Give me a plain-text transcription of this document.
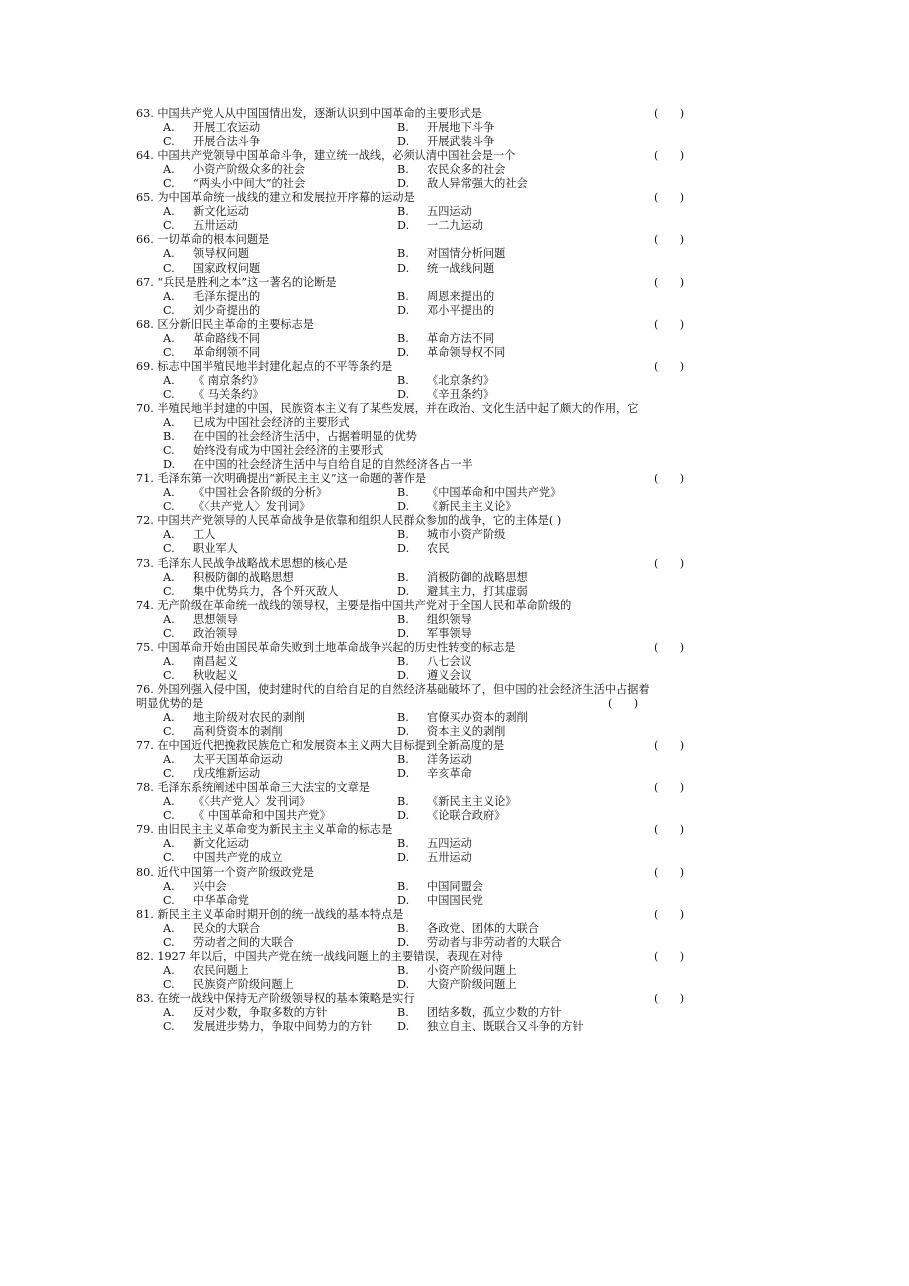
63. 中国共产党人从中国国情出发，逐渐认识到中国革命的主要形式是	(      )
A. 开展工农运动	B. 开展地下斗争
C. 开展合法斗争	D. 开展武装斗争
64. 中国共产党领导中国革命斗争，建立统一战线，必须认清中国社会是一个	(      )
A. 小资产阶级众多的社会	B. 农民众多的社会
C. “两头小中间大”的社会	D. 敌人异常强大的社会
65. 为中国革命统一战线的建立和发展拉开序幕的运动是	(      )
A. 新文化运动	B. 五四运动
C. 五卅运动	D. 一二九运动
66. 一切革命的根本问题是	(      )
A. 领导权问题	B. 对国情分析问题
C. 国家政权问题	D. 统一战线问题
67. “兵民是胜利之本”这一著名的论断是	(      )
A. 毛泽东提出的	B. 周恩来提出的
C. 刘少奇提出的	D. 邓小平提出的
68. 区分新旧民主革命的主要标志是	(      )
A. 革命路线不同	B. 革命方法不同
C. 革命纲领不同	D. 革命领导权不同
69. 标志中国半殖民地半封建化起点的不平等条约是	(      )
A. 《 南京条约》	B. 《北京条约》
C. 《 马关条约》	D. 《辛丑条约》
70. 半殖民地半封建的中国，民族资本主义有了某些发展，并在政治、文化生活中起了颇大的作用，它
A. 已成为中国社会经济的主要形式
B. 在中国的社会经济生活中，占据着明显的优势
C. 始终没有成为中国社会经济的主要形式
D. 在中国的社会经济生活中与自给自足的自然经济各占一半
71. 毛泽东第一次明确提出“新民主主义”这一命题的著作是	(      )
A. 《中国社会各阶级的分析》	B. 《中国革命和中国共产党》
C. 《〈共产党人〉发刊词》	D. 《新民主主义论》
72. 中国共产党领导的人民革命战争是依靠和组织人民群众参加的战争，它的主体是( )
A. 工人	B. 城市小资产阶级
C. 职业军人	D. 农民
73. 毛泽东人民战争战略战术思想的核心是	(      )
A. 积极防御的战略思想	B. 消极防御的战略思想
C. 集中优势兵力，各个歼灭敌人	D. 避其主力，打其虚弱
74. 无产阶级在革命统一战线的领导权，主要是指中国共产党对于全国人民和革命阶级的
A. 思想领导	B. 组织领导
C. 政治领导	D. 军事领导
75. 中国革命开始由国民革命失败到土地革命战争兴起的历史性转变的标志是	(      )
A. 南昌起义	B. 八七会议
C. 秋收起义	D. 遵义会议
76. 外国列强入侵中国，使封建时代的自给自足的自然经济基础破坏了，但中国的社会经济生活中占据着
明显优势的是	(      )
A. 地主阶级对农民的剥削	B. 官僚买办资本的剥削
C. 高利贷资本的剥削	D. 资本主义的剥削
77. 在中国近代把挽救民族危亡和发展资本主义两大目标提到全新高度的是	(      )
A. 太平天国革命运动	B. 洋务运动
C. 戊戌维新运动	D. 辛亥革命
78. 毛泽东系统阐述中国革命三大法宝的文章是	(      )
A. 《〈共产党人〉发刊词》	B. 《新民主主义论》
C. 《 中国革命和中国共产党》	D. 《论联合政府》
79. 由旧民主主义革命变为新民主主义革命的标志是	(      )
A. 新文化运动	B. 五四运动
C. 中国共产党的成立	D. 五卅运动
80. 近代中国第一个资产阶级政党是	(      )
A. 兴中会	B. 中国同盟会
C. 中华革命党	D. 中国国民党
81. 新民主主义革命时期开创的统一战线的基本特点是	(      )
A. 民众的大联合	B. 各政党、团体的大联合
C. 劳动者之间的大联合	D. 劳动者与非劳动者的大联合
82. 1927 年以后，中国共产党在统一战线问题上的主要错误，表现在对待	(      )
A. 农民问题上	B. 小资产阶级问题上
C. 民族资产阶级问题上	D. 大资产阶级问题上
83. 在统一战线中保持无产阶级领导权的基本策略是实行	(      )
A. 反对少数，争取多数的方针	B. 团结多数，孤立少数的方针
C. 发展进步势力，争取中间势力的方针 D. 独立自主、既联合又斗争的方针
